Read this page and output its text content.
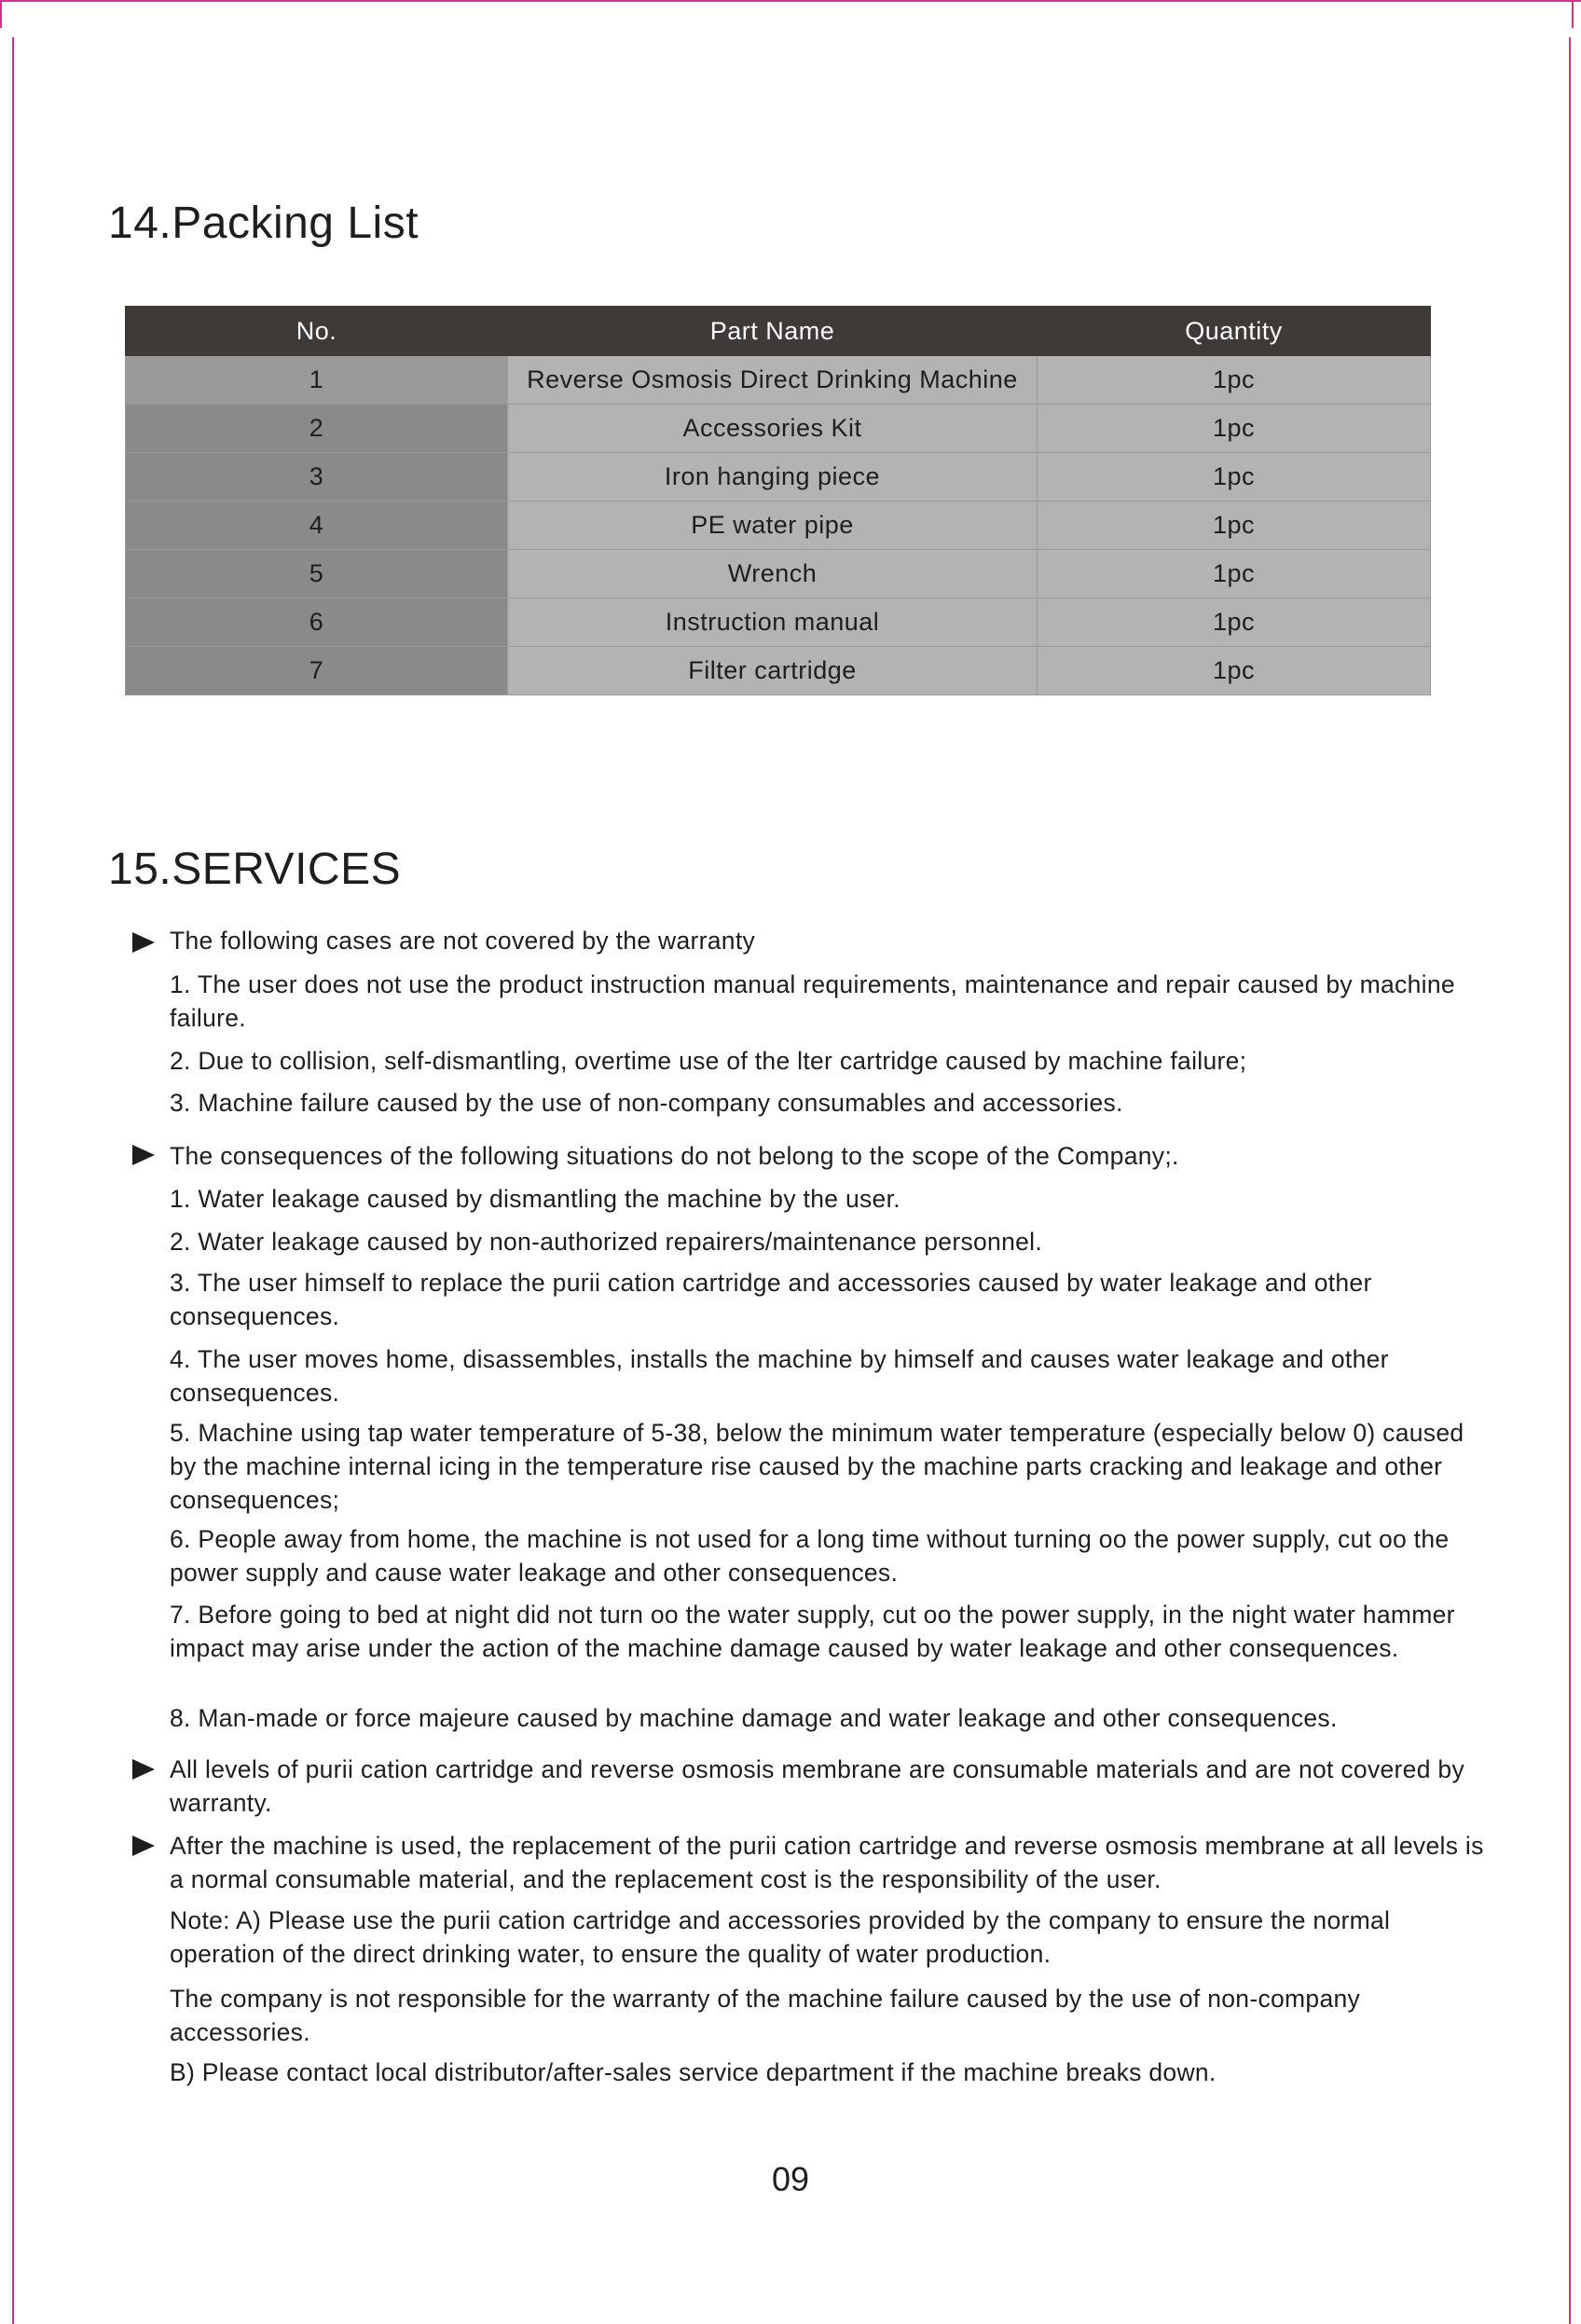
14.Packing List
No.	Part Name	Quantity
1	Reverse Osmosis Direct Drinking Machine	1pc
2	Accessories Kit	1pc
3	Iron hanging piece	1pc
4	PE water pipe	1pc
5	Wrench	1pc
6	Instruction manual	1pc
7	Filter cartridge	1pc
15.SERVICES

The following cases are not covered by the warranty

1. The user does not use the product instruction manual requirements, maintenance and repair caused by machine failure.

2. Due to collision, self-dismantling, overtime use of the lter cartridge caused by machine failure;

3. Machine failure caused by the use of non-company consumables and accessories.

The consequences of the following situations do not belong to the scope of the Company;.

1. Water leakage caused by dismantling the machine by the user.

2. Water leakage caused by non-authorized repairers/maintenance personnel.

3. The user himself to replace the purii cation cartridge and accessories caused by water leakage and other consequences.

4. The user moves home, disassembles, installs the machine by himself and causes water leakage and other consequences.

5. Machine using tap water temperature of 5-38, below the minimum water temperature (especially below 0) caused by the machine internal icing in the temperature rise caused by the machine parts cracking and leakage and other consequences;

6. People away from home, the machine is not used for a long time without turning oo the power supply, cut oo the power supply and cause water leakage and other consequences.

7. Before going to bed at night did not turn oo the water supply, cut oo the power supply, in the night water hammer impact may arise under the action of the machine damage caused by water leakage and other consequences.

8. Man-made or force majeure caused by machine damage and water leakage and other consequences.

All levels of purii cation cartridge and reverse osmosis membrane are consumable materials and are not covered by warranty.

After the machine is used, the replacement of the purii cation cartridge and reverse osmosis membrane at all levels is a normal consumable material, and the replacement cost is the responsibility of the user.

Note: A) Please use the purii cation cartridge and accessories provided by the company to ensure the normal operation of the direct drinking water, to ensure the quality of water production.

The company is not responsible for the warranty of the machine failure caused by the use of non-company accessories.

B) Please contact local distributor/after-sales service department if the machine breaks down.

09
